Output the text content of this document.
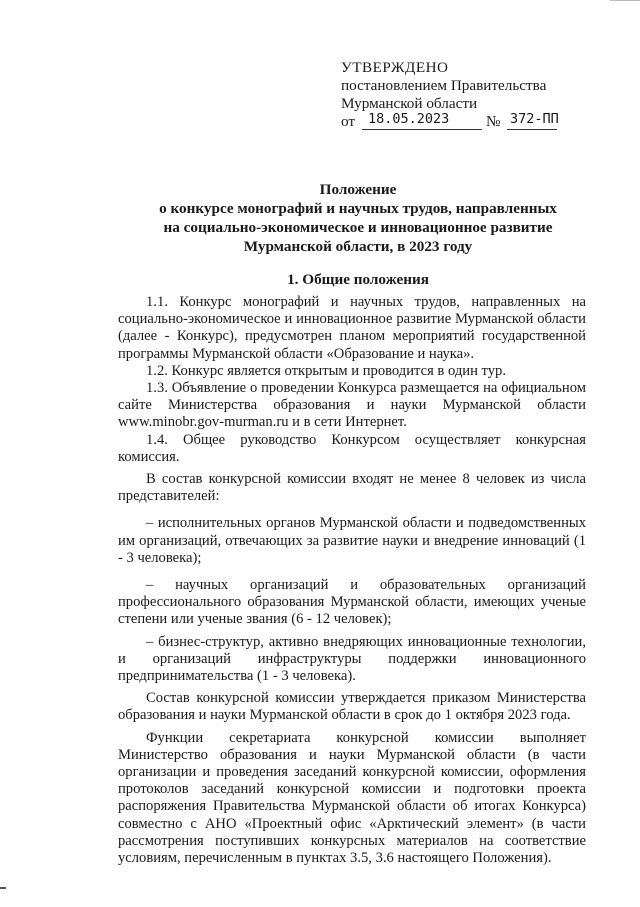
УТВЕРЖДЕНО
постановлением Правительства
Мурманской области
от 18.05.2023 № 372-ПП
Положение
о конкурсе монографий и научных трудов, направленных
на социально-экономическое и инновационное развитие
Мурманской области, в 2023 году
1. Общие положения

1.1. Конкурс монографий и научных трудов, направленных на социально-экономическое и инновационное развитие Мурманской области (далее - Конкурс), предусмотрен планом мероприятий государственной программы Мурманской области «Образование и наука».

1.2. Конкурс является открытым и проводится в один тур.

1.3. Объявление о проведении Конкурса размещается на официальном сайте Министерства образования и науки Мурманской области www.minobr.gov-murman.ru и в сети Интернет.

1.4. Общее руководство Конкурсом осуществляет конкурсная комиссия.

В состав конкурсной комиссии входят не менее 8 человек из числа представителей:

– исполнительных органов Мурманской области и подведомственных им организаций, отвечающих за развитие науки и внедрение инноваций (1 - 3 человека);

– научных организаций и образовательных организаций профессионального образования Мурманской области, имеющих ученые степени или ученые звания (6 - 12 человек);

– бизнес-структур, активно внедряющих инновационные технологии, и организаций инфраструктуры поддержки инновационного предпринимательства (1 - 3 человека).

Состав конкурсной комиссии утверждается приказом Министерства образования и науки Мурманской области в срок до 1 октября 2023 года.

Функции секретариата конкурсной комиссии выполняет Министерство образования и науки Мурманской области (в части организации и проведения заседаний конкурсной комиссии, оформления протоколов заседаний конкурсной комиссии и подготовки проекта распоряжения Правительства Мурманской области об итогах Конкурса) совместно с АНО «Проектный офис «Арктический элемент» (в части рассмотрения поступивших конкурсных материалов на соответствие условиям, перечисленным в пунктах 3.5, 3.6 настоящего Положения).
